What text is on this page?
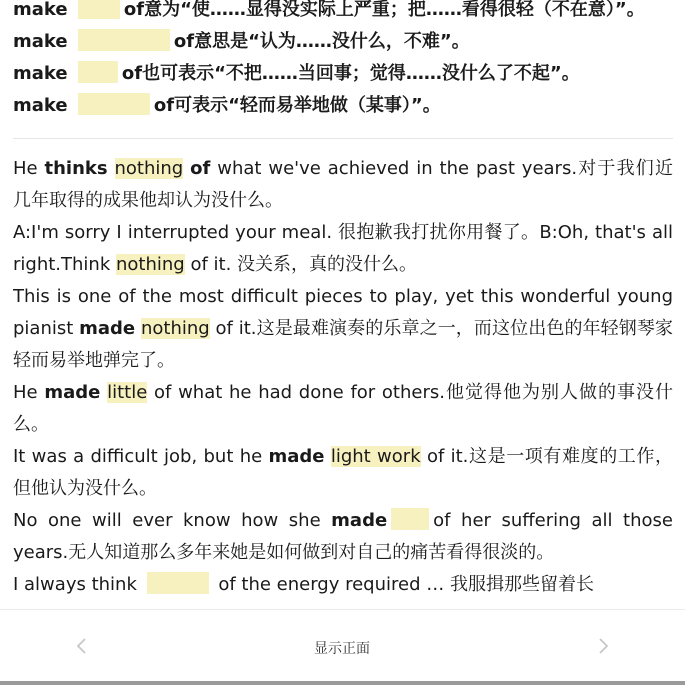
make	of意为“使……显得没实际上严重；把……看得很轻（不在意）”。
make	of意思是“认为……没什么，不难”。
make	of也可表示“不把……当回事；觉得……没什么了不起”。
make	of可表示“轻而易举地做（某事）”。

He thinks nothing of what we've achieved in the past years.对于我们近几年取得的成果他却认为没什么。

A:I'm sorry I interrupted your meal. 很抱歉我打扰你用餐了。B:Oh, that's all right.Think nothing of it. 没关系，真的没什么。

This is one of the most difficult pieces to play, yet this wonderful young pianist made nothing of it.这是最难演奏的乐章之一，而这位出色的年轻钢琴家轻而易举地弹完了。

He made little of what he had done for others.他觉得他为别人做的事没什么。

It was a difficult job, but he made light work of it.这是一项有难度的工作，但他认为没什么。

No one will ever know how she made	of her suffering all those years.无人知道那么多年来她是如何做到对自己的痛苦看得很淡的。

I always think	of the energy required … 我服揖那些留着长

显示正面
